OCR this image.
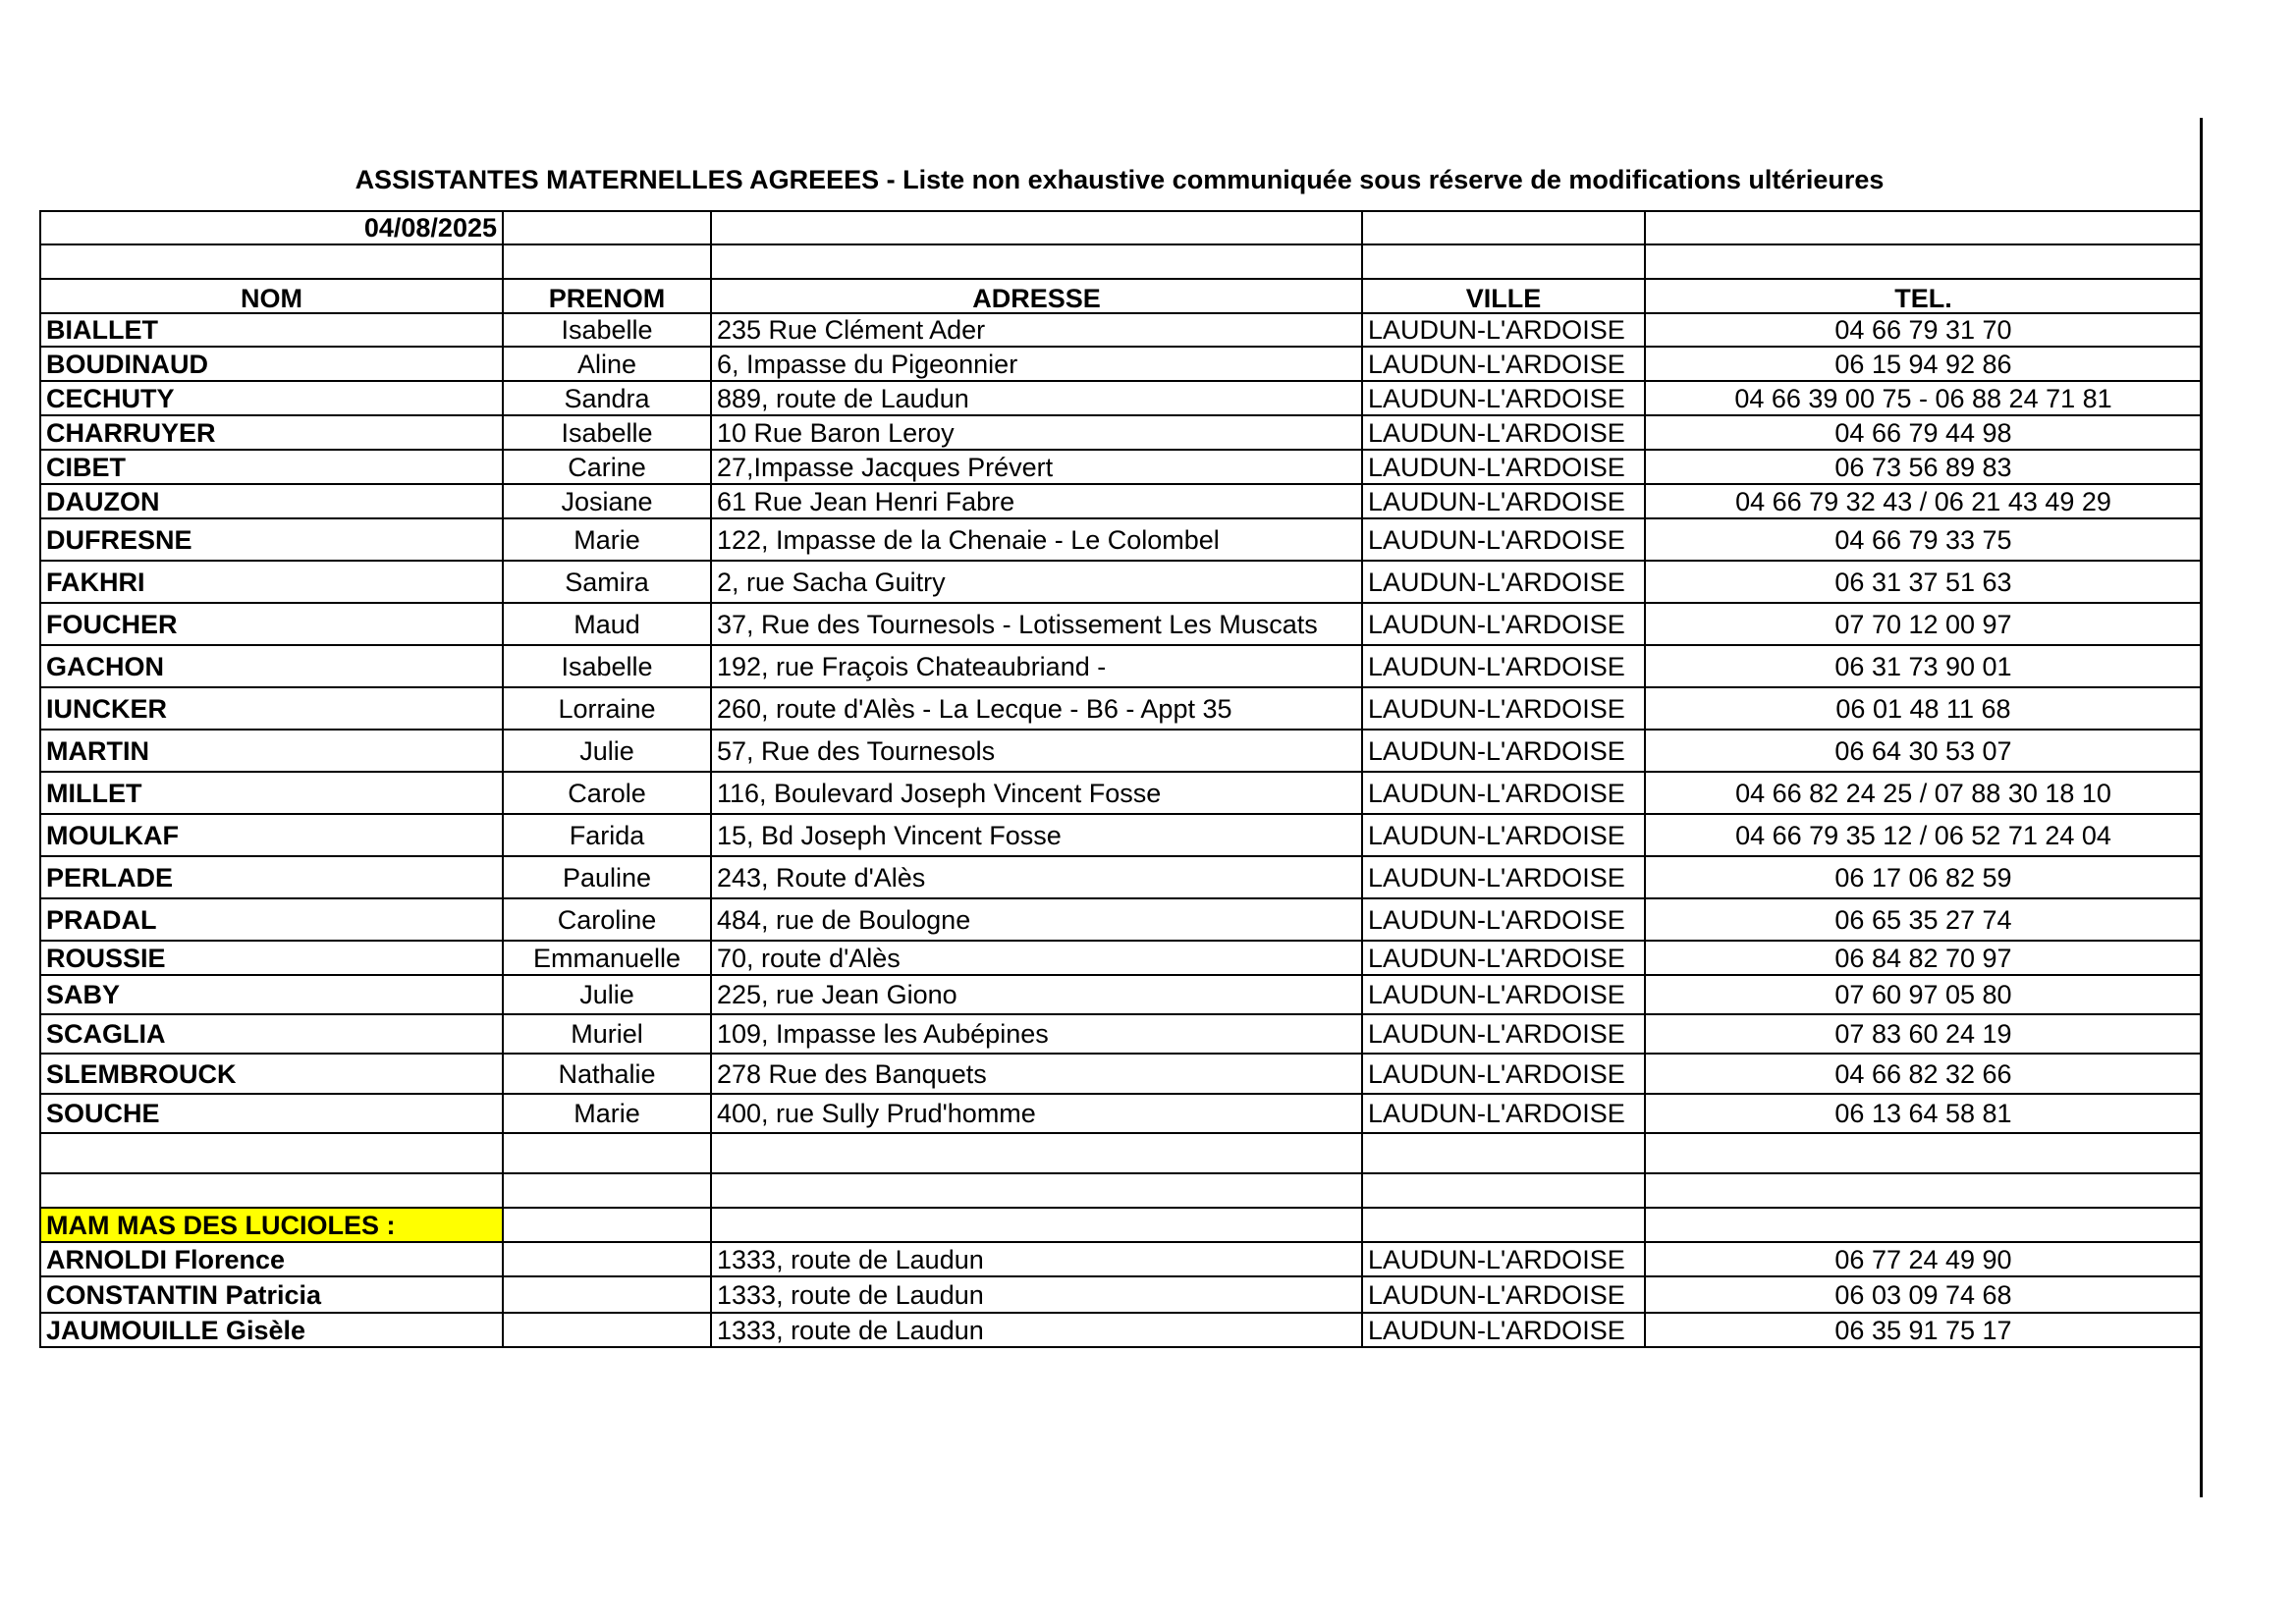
ASSISTANTES MATERNELLES AGREEES - Liste non exhaustive communiquée sous réserve de modifications ultérieures
04/08/2025				

NOM	PRENOM	ADRESSE	VILLE	TEL.
BIALLET	Isabelle	235 Rue Clément Ader	LAUDUN-L'ARDOISE	04 66 79 31 70
BOUDINAUD	Aline	6, Impasse du Pigeonnier	LAUDUN-L'ARDOISE	06 15 94 92 86
CECHUTY	Sandra	889, route de Laudun	LAUDUN-L'ARDOISE	04 66 39 00 75 - 06 88 24 71 81
CHARRUYER	Isabelle	10 Rue Baron Leroy	LAUDUN-L'ARDOISE	04 66 79 44 98
CIBET	Carine	27,Impasse Jacques Prévert	LAUDUN-L'ARDOISE	06 73 56 89 83
DAUZON	Josiane	61 Rue Jean Henri Fabre	LAUDUN-L'ARDOISE	04 66 79 32 43 / 06 21 43 49 29
DUFRESNE	Marie	122, Impasse de la Chenaie - Le Colombel	LAUDUN-L'ARDOISE	04 66 79 33 75
FAKHRI	Samira	2, rue Sacha Guitry	LAUDUN-L'ARDOISE	06 31 37 51 63
FOUCHER	Maud	37, Rue des Tournesols - Lotissement Les Muscats	LAUDUN-L'ARDOISE	07 70 12 00 97
GACHON	Isabelle	192, rue Fraçois Chateaubriand -	LAUDUN-L'ARDOISE	06 31 73 90 01
IUNCKER	Lorraine	260, route d'Alès - La Lecque - B6 - Appt 35	LAUDUN-L'ARDOISE	06 01 48 11 68
MARTIN	Julie	57, Rue des Tournesols	LAUDUN-L'ARDOISE	06 64 30 53 07
MILLET	Carole	116, Boulevard Joseph Vincent Fosse	LAUDUN-L'ARDOISE	04 66 82 24 25 / 07 88 30 18 10
MOULKAF	Farida	15, Bd Joseph Vincent Fosse	LAUDUN-L'ARDOISE	04 66 79 35 12 / 06 52 71 24 04
PERLADE	Pauline	243, Route d'Alès	LAUDUN-L'ARDOISE	06 17 06 82 59
PRADAL	Caroline	484, rue de Boulogne	LAUDUN-L'ARDOISE	06 65 35 27 74
ROUSSIE	Emmanuelle	70, route d'Alès	LAUDUN-L'ARDOISE	06 84 82 70 97
SABY	Julie	225, rue Jean Giono	LAUDUN-L'ARDOISE	07 60 97 05 80
SCAGLIA	Muriel	109, Impasse les Aubépines	LAUDUN-L'ARDOISE	07 83 60 24 19
SLEMBROUCK	Nathalie	278 Rue des Banquets	LAUDUN-L'ARDOISE	04 66 82 32 66
SOUCHE	Marie	400, rue Sully Prud'homme	LAUDUN-L'ARDOISE	06 13 64 58 81

MAM MAS DES LUCIOLES :				
ARNOLDI Florence		1333, route de Laudun	LAUDUN-L'ARDOISE	06 77 24 49 90
CONSTANTIN Patricia		1333, route de Laudun	LAUDUN-L'ARDOISE	06 03 09 74 68
JAUMOUILLE Gisèle		1333, route de Laudun	LAUDUN-L'ARDOISE	06 35 91 75 17
